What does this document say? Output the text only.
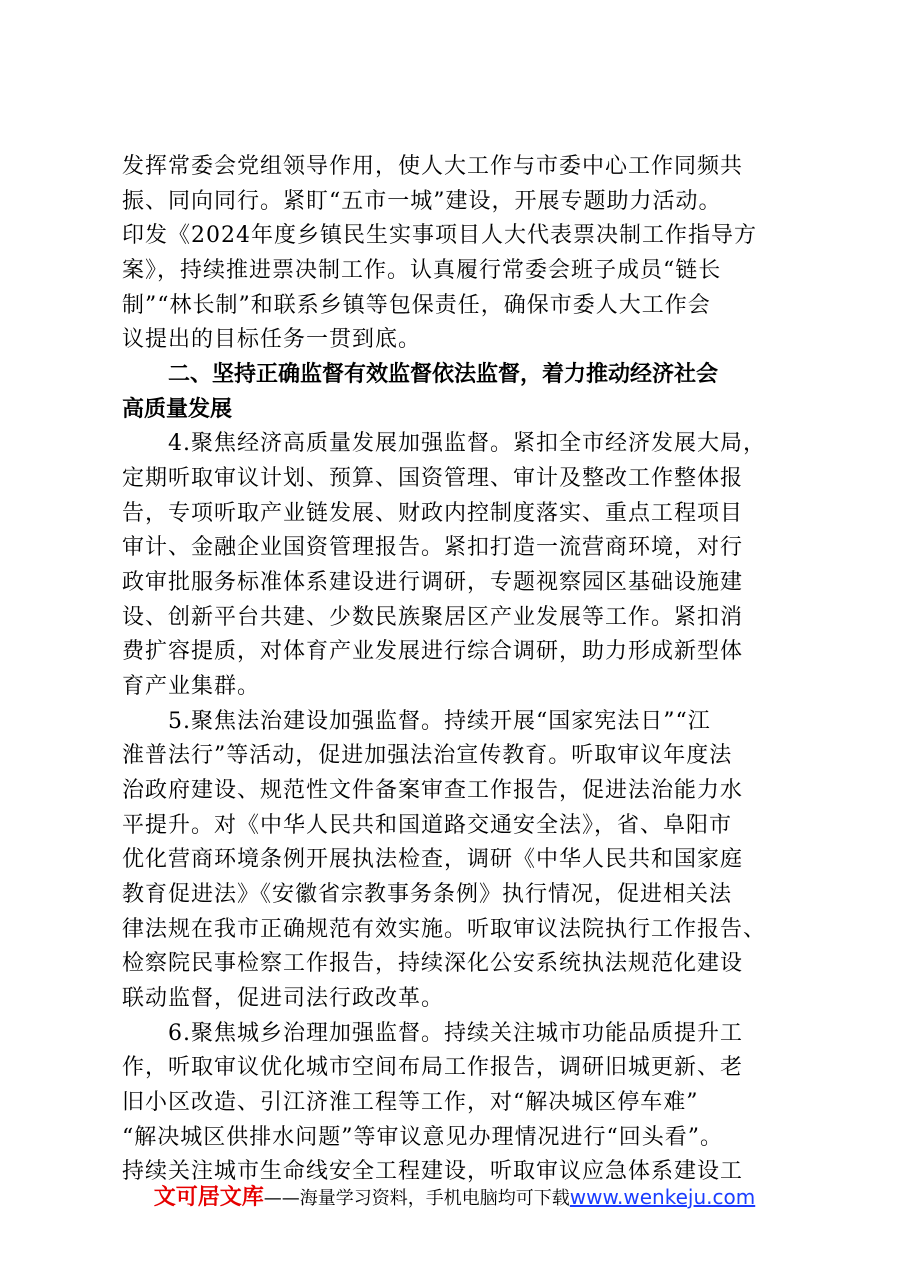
发挥常委会党组领导作用，使人大工作与市委中心工作同频共
振、同向同行。紧盯“五市一城”建设，开展专题助力活动。
印发《2024年度乡镇民生实事项目人大代表票决制工作指导方
案》，持续推进票决制工作。认真履行常委会班子成员“链长
制”“林长制”和联系乡镇等包保责任，确保市委人大工作会
议提出的目标任务一贯到底。
二、坚持正确监督有效监督依法监督，着力推动经济社会
高质量发展
4.聚焦经济高质量发展加强监督。紧扣全市经济发展大局，
定期听取审议计划、预算、国资管理、审计及整改工作整体报
告，专项听取产业链发展、财政内控制度落实、重点工程项目
审计、金融企业国资管理报告。紧扣打造一流营商环境，对行
政审批服务标准体系建设进行调研，专题视察园区基础设施建
设、创新平台共建、少数民族聚居区产业发展等工作。紧扣消
费扩容提质，对体育产业发展进行综合调研，助力形成新型体
育产业集群。
5.聚焦法治建设加强监督。持续开展“国家宪法日”“江
淮普法行”等活动，促进加强法治宣传教育。听取审议年度法
治政府建设、规范性文件备案审查工作报告，促进法治能力水
平提升。对《中华人民共和国道路交通安全法》，省、阜阳市
优化营商环境条例开展执法检查，调研《中华人民共和国家庭
教育促进法》《安徽省宗教事务条例》执行情况，促进相关法
律法规在我市正确规范有效实施。听取审议法院执行工作报告、
检察院民事检察工作报告，持续深化公安系统执法规范化建设
联动监督，促进司法行政改革。
6.聚焦城乡治理加强监督。持续关注城市功能品质提升工
作，听取审议优化城市空间布局工作报告，调研旧城更新、老
旧小区改造、引江济淮工程等工作，对“解决城区停车难”
“解决城区供排水问题”等审议意见办理情况进行“回头看”。
持续关注城市生命线安全工程建设，听取审议应急体系建设工
文可居文库——海量学习资料，手机电脑均可下载www.wenkeju.com
